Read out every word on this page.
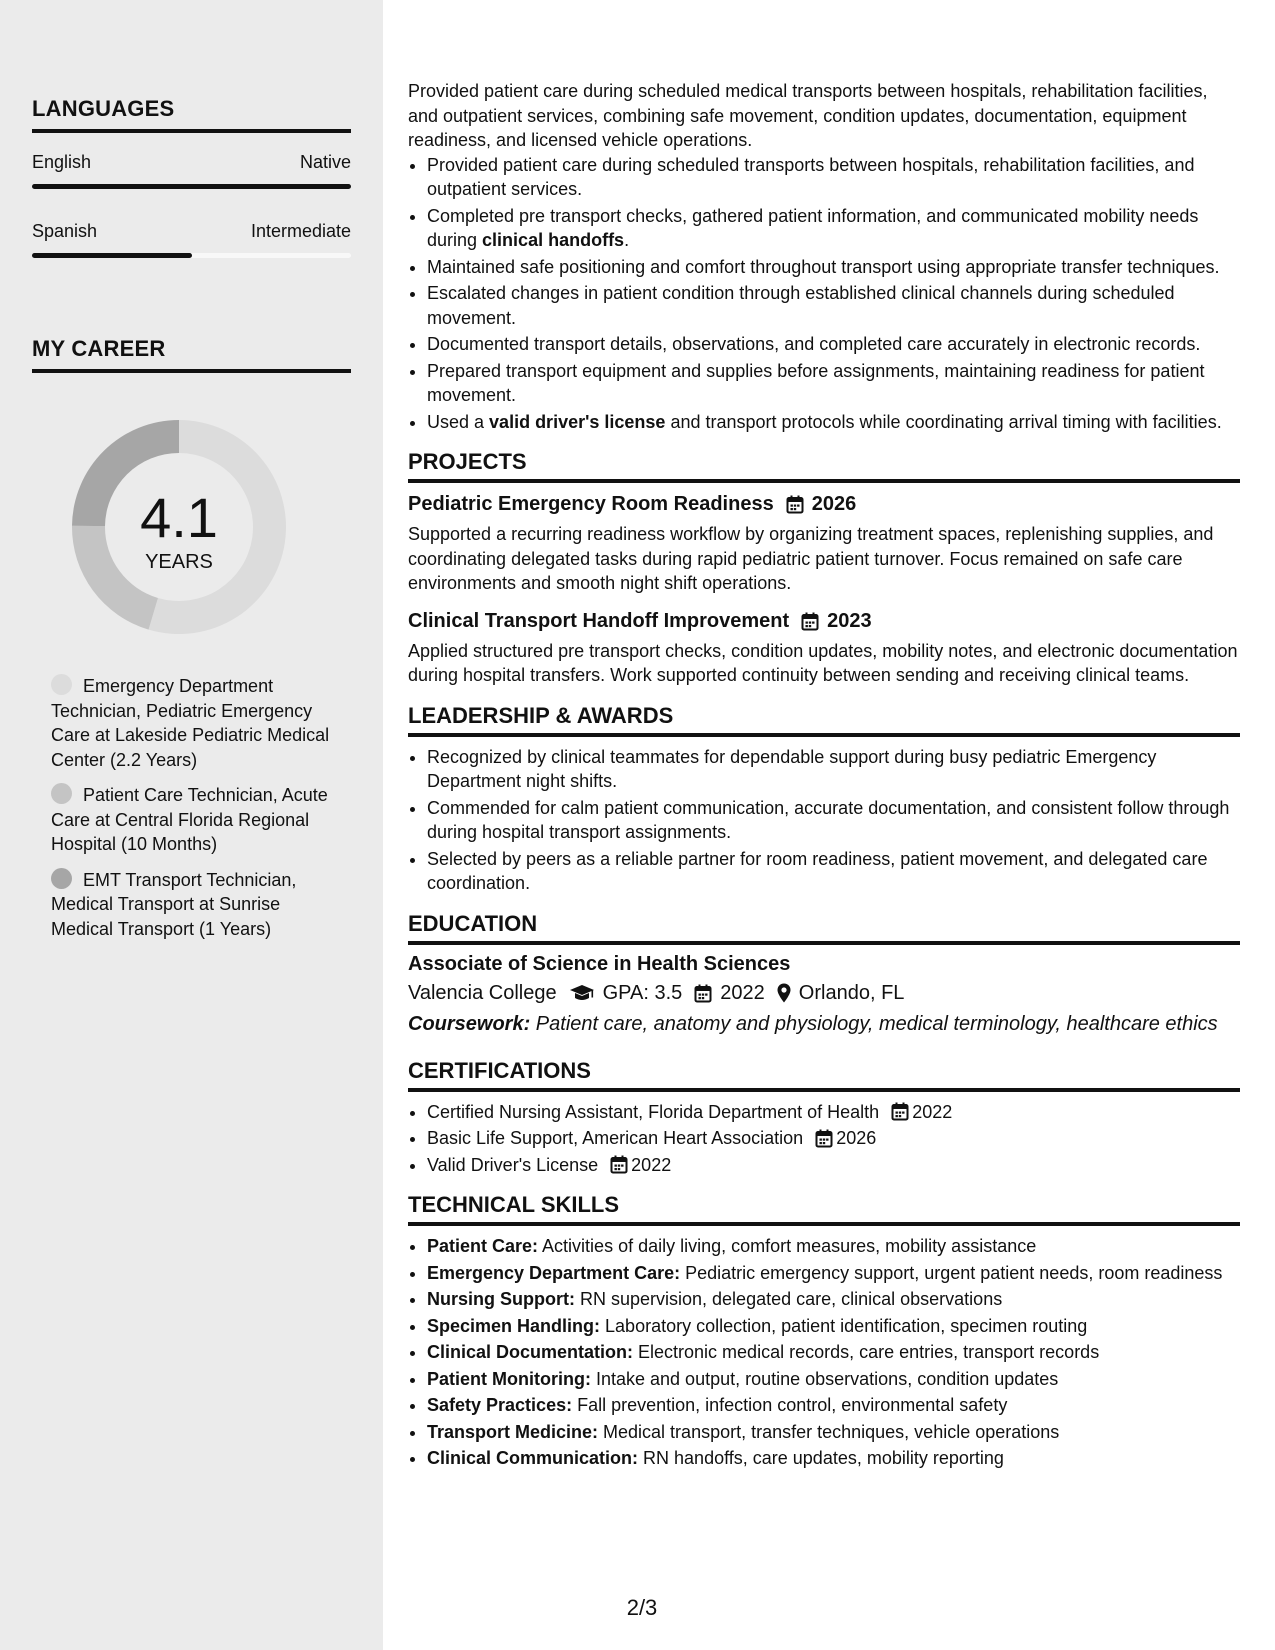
LANGUAGES
English	Native
Spanish	Intermediate
MY CAREER
4.1
YEARS
Emergency Department Technician, Pediatric Emergency Care at Lakeside Pediatric Medical Center (2.2 Years)
Patient Care Technician, Acute Care at Central Florida Regional Hospital (10 Months)
EMT Transport Technician, Medical Transport at Sunrise Medical Transport (1 Years)

Provided patient care during scheduled medical transports between hospitals, rehabilitation facilities, and outpatient services, combining safe movement, condition updates, documentation, equipment readiness, and licensed vehicle operations.

• Provided patient care during scheduled transports between hospitals, rehabilitation facilities, and outpatient services.
• Completed pre transport checks, gathered patient information, and communicated mobility needs during clinical handoffs.
• Maintained safe positioning and comfort throughout transport using appropriate transfer techniques.
• Escalated changes in patient condition through established clinical channels during scheduled movement.
• Documented transport details, observations, and completed care accurately in electronic records.
• Prepared transport equipment and supplies before assignments, maintaining readiness for patient movement.
• Used a valid driver's license and transport protocols while coordinating arrival timing with facilities.
PROJECTS
Pediatric Emergency Room Readiness 2026
Supported a recurring readiness workflow by organizing treatment spaces, replenishing supplies, and coordinating delegated tasks during rapid pediatric patient turnover. Focus remained on safe care environments and smooth night shift operations.
Clinical Transport Handoff Improvement 2023
Applied structured pre transport checks, condition updates, mobility notes, and electronic documentation during hospital transfers. Work supported continuity between sending and receiving clinical teams.
LEADERSHIP & AWARDS
• Recognized by clinical teammates for dependable support during busy pediatric Emergency Department night shifts.
• Commended for calm patient communication, accurate documentation, and consistent follow through during hospital transport assignments.
• Selected by peers as a reliable partner for room readiness, patient movement, and delegated care coordination.
EDUCATION
Associate of Science in Health Sciences
Valencia College GPA: 3.5 2022 Orlando, FL
Coursework: Patient care, anatomy and physiology, medical terminology, healthcare ethics
CERTIFICATIONS
• Certified Nursing Assistant, Florida Department of Health 2022
• Basic Life Support, American Heart Association 2026
• Valid Driver's License 2022
TECHNICAL SKILLS
• Patient Care: Activities of daily living, comfort measures, mobility assistance
• Emergency Department Care: Pediatric emergency support, urgent patient needs, room readiness
• Nursing Support: RN supervision, delegated care, clinical observations
• Specimen Handling: Laboratory collection, patient identification, specimen routing
• Clinical Documentation: Electronic medical records, care entries, transport records
• Patient Monitoring: Intake and output, routine observations, condition updates
• Safety Practices: Fall prevention, infection control, environmental safety
• Transport Medicine: Medical transport, transfer techniques, vehicle operations
• Clinical Communication: RN handoffs, care updates, mobility reporting
2/3
